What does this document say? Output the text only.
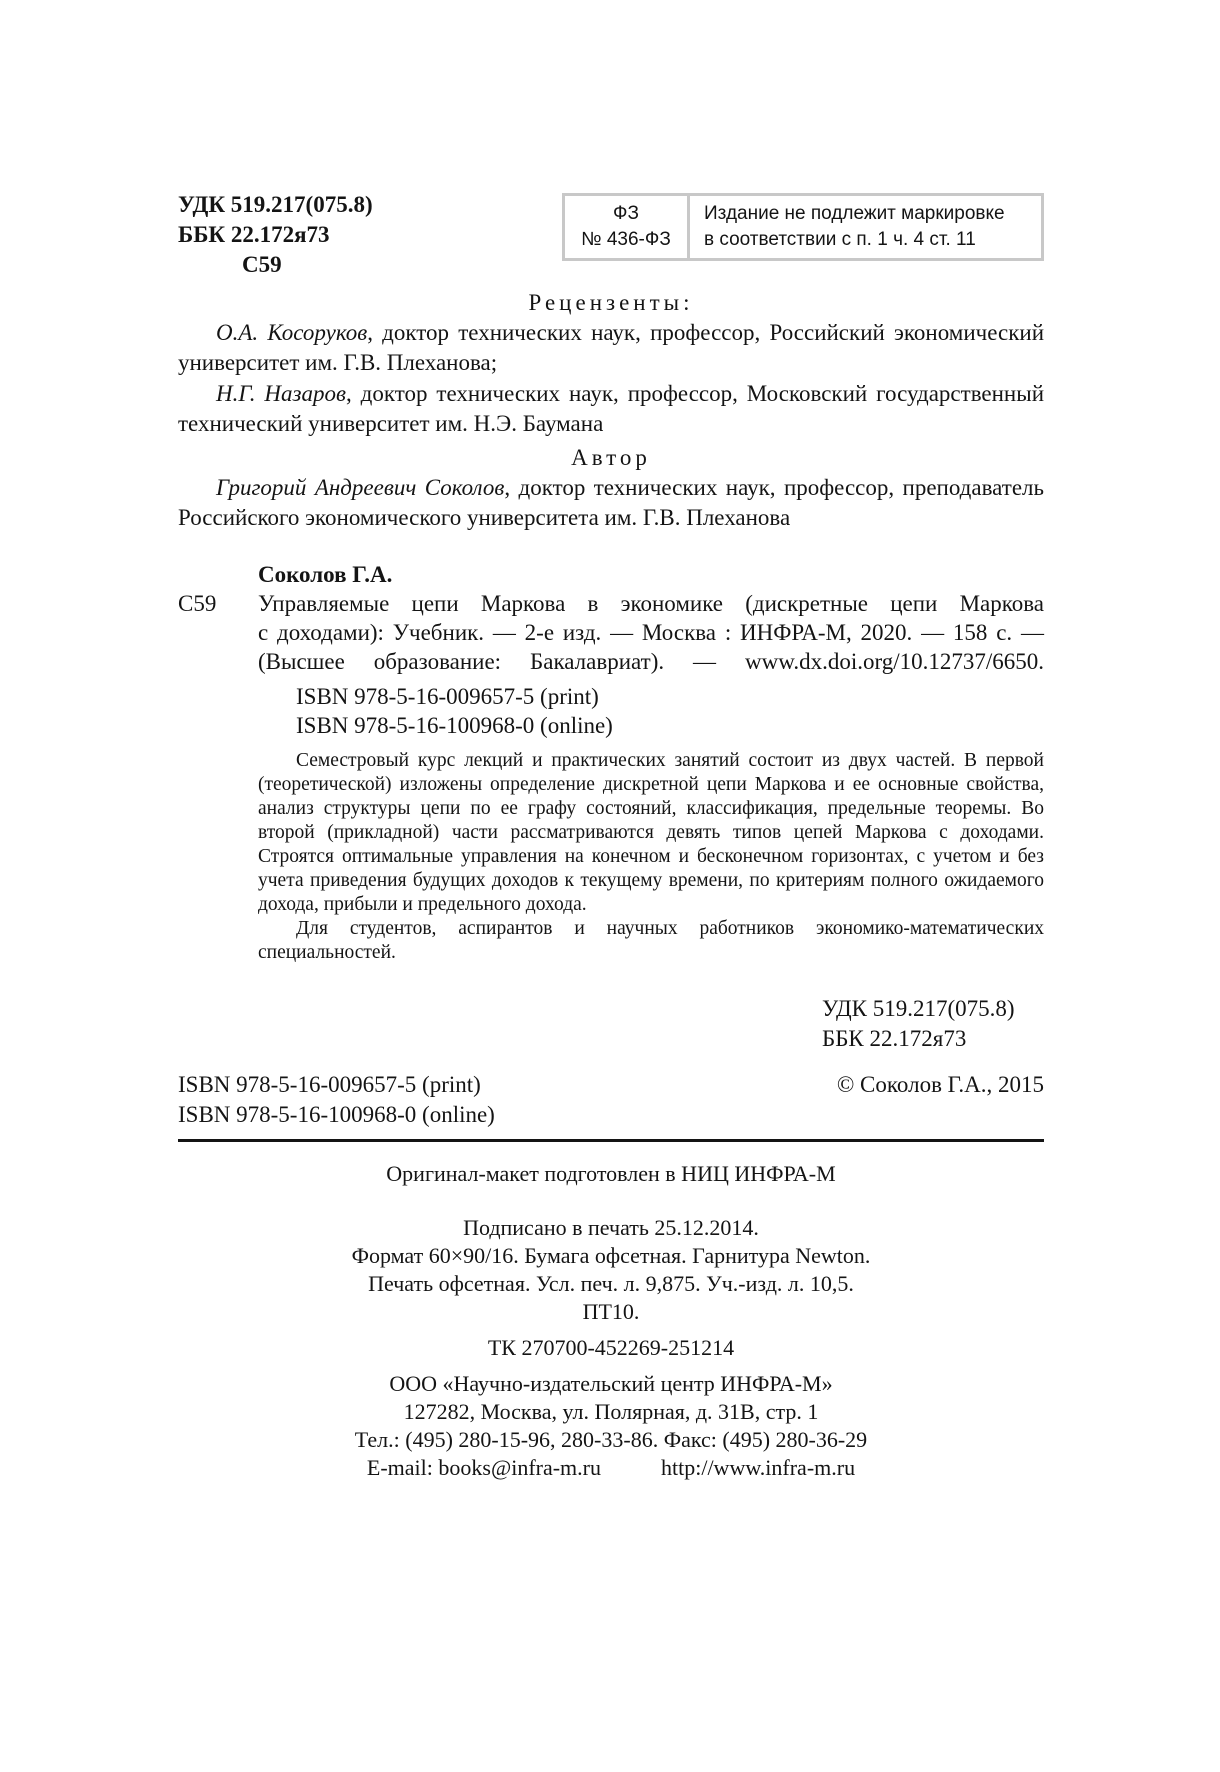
УДК 519.217(075.8)
ББК 22.172я73
С59
ФЗ
№ 436-ФЗ
Издание не подлежит маркировке
в соответствии с п. 1 ч. 4 ст. 11
Рецензенты:
О.А. Косоруков, доктор технических наук, профессор, Российский экономический университет им. Г.В. Плеханова;
Н.Г. Назаров, доктор технических наук, профессор, Московский государственный технический университет им. Н.Э. Баумана
Автор
Григорий Андреевич Соколов, доктор технических наук, профессор, преподаватель Российского экономического университета им. Г.В. Плеханова
Соколов Г.А.
С59	Управляемые цепи Маркова в экономике (дискретные цепи Маркова
с доходами): Учебник. — 2-е изд. — Москва : ИНФРА-М, 2020. — 158 с. —
(Высшее образование: Бакалавриат). — www.dx.doi.org/10.12737/6650.
ISBN 978-5-16-009657-5 (print)
ISBN 978-5-16-100968-0 (online)

Семестровый курс лекций и практических занятий состоит из двух частей. В первой (теоретической) изложены определение дискретной цепи Маркова и ее основные свойства, анализ структуры цепи по ее графу состояний, классификация, предельные теоремы. Во второй (прикладной) части рассматриваются девять типов цепей Маркова с доходами. Строятся оптимальные управления на конечном и бесконечном горизонтах, с учетом и без учета приведения будущих доходов к текущему времени, по критериям полного ожидаемого дохода, прибыли и предельного дохода.

Для студентов, аспирантов и научных работников экономико-математических специальностей.

УДК 519.217(075.8)
ББК 22.172я73
ISBN 978-5-16-009657-5 (print)
ISBN 978-5-16-100968-0 (online)
© Соколов Г.А., 2015
Оригинал-макет подготовлен в НИЦ ИНФРА-М
Подписано в печать 25.12.2014.
Формат 60×90/16. Бумага офсетная. Гарнитура Newton.
Печать офсетная. Усл. печ. л. 9,875. Уч.-изд. л. 10,5.
ПТ10.
ТК 270700-452269-251214
ООО «Научно-издательский центр ИНФРА-М»
127282, Москва, ул. Полярная, д. 31В, стр. 1
Тел.: (495) 280-15-96, 280-33-86. Факс: (495) 280-36-29
E-mail: books@infra-m.ru	http://www.infra-m.ru
